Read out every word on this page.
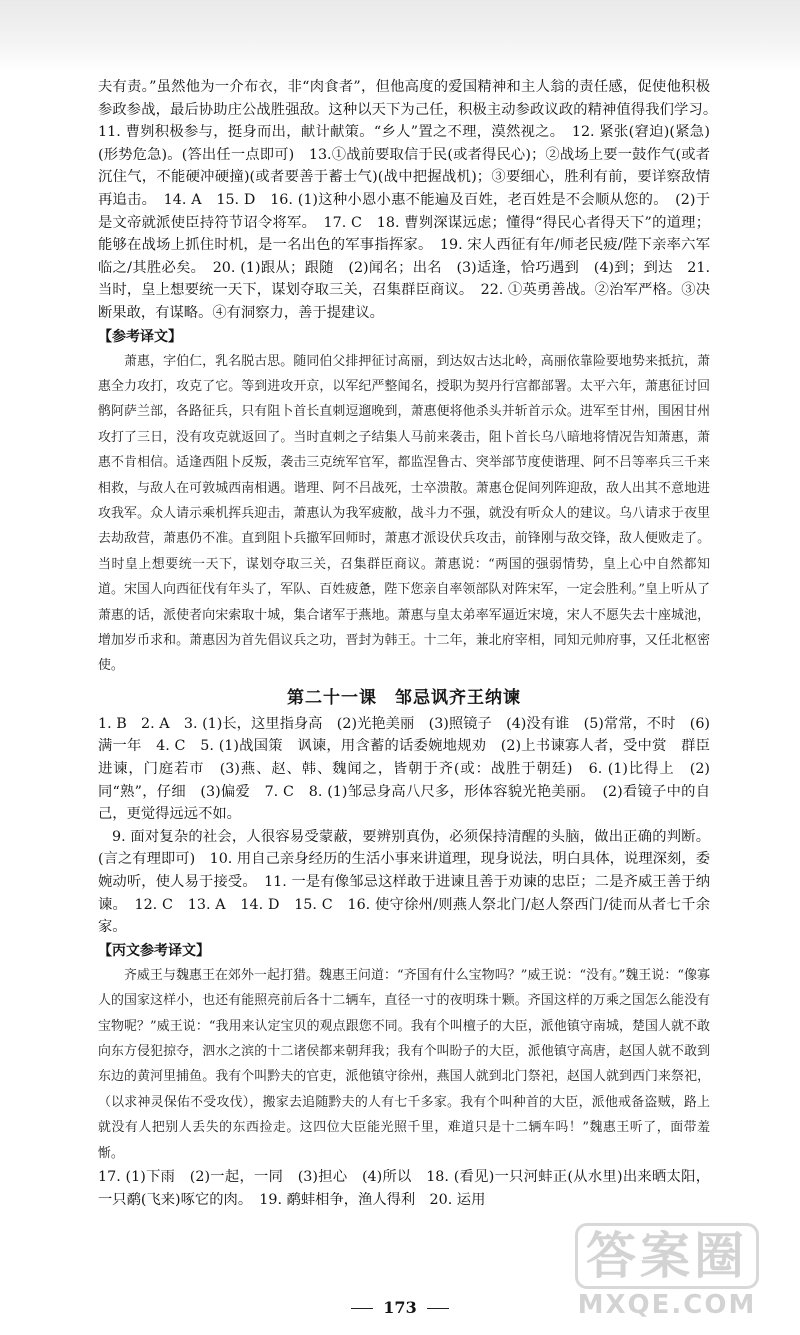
夫有责。”虽然他为一介布衣，非“肉食者”，但他高度的爱国精神和主人翁的责任感，促使他积极参政参战，最后协助庄公战胜强敌。这种以天下为己任，积极主动参政议政的精神值得我们学习。　11. 曹刿积极参与，挺身而出，献计献策。“乡人”置之不理，漠然视之。　12. 紧张(窘迫)(紧急)(形势危急)。(答出任一点即可)　13.①战前要取信于民(或者得民心)；②战场上要一鼓作气(或者沉住气，不能硬冲硬撞)(或者要善于蓄士气)(战中把握战机)；③要细心，胜利有前，要详察敌情再追击。　14. A　15. D　16. (1)这种小恩小惠不能遍及百姓，老百姓是不会顺从您的。　(2)于是文帝就派使臣持符节诏令将军。　17. C　18. 曹刿深谋远虑；懂得“得民心者得天下”的道理；能够在战场上抓住时机，是一名出色的军事指挥家。　19. 宋人西征有年/师老民疲/陛下亲率六军临之/其胜必矣。　20. (1)跟从；跟随　(2)闻名；出名　(3)适逢，恰巧遇到　(4)到；到达　21. 当时，皇上想要统一天下，谋划夺取三关，召集群臣商议。　22. ①英勇善战。②治军严格。③决断果敢，有谋略。④有洞察力，善于提建议。

【参考译文】

萧惠，字伯仁，乳名脱古思。随同伯父排押征讨高丽，到达奴古达北岭，高丽依靠险要地势来抵抗，萧惠全力攻打，攻克了它。等到进攻开京，以军纪严整闻名，授职为契丹行宫都部署。太平六年，萧惠征讨回鹘阿萨兰部，各路征兵，只有阻卜首长直刺逗遛晚到，萧惠便将他杀头并斩首示众。进军至甘州，围困甘州攻打了三日，没有攻克就返回了。当时直刺之子结集人马前来袭击，阻卜首长乌八暗地将情况告知萧惠，萧惠不肯相信。适逢西阻卜反叛，袭击三克统军官军，都监涅鲁古、突举部节度使谐理、阿不吕等率兵三千来相救，与敌人在可敦城西南相遇。谐理、阿不吕战死，士卒溃散。萧惠仓促间列阵迎敌，敌人出其不意地进攻我军。众人请示乘机挥兵迎击，萧惠认为我军疲敝，战斗力不强，就没有听众人的建议。乌八请求于夜里去劫敌营，萧惠仍不准。直到阻卜兵撤军回师时，萧惠才派设伏兵攻击，前锋刚与敌交锋，敌人便败走了。当时皇上想要统一天下，谋划夺取三关，召集群臣商议。萧惠说：“两国的强弱情势，皇上心中自然都知道。宋国人向西征伐有年头了，军队、百姓疲惫，陛下您亲自率领部队对阵宋军，一定会胜利。”皇上听从了萧惠的话，派使者向宋索取十城，集合诸军于燕地。萧惠与皇太弟率军逼近宋境，宋人不愿失去十座城池，增加岁币求和。萧惠因为首先倡议兵之功，晋封为韩王。十二年，兼北府宰相，同知元帅府事，又任北枢密使。

第二十一课　邹忌讽齐王纳谏

1. B　2. A　3. (1)长，这里指身高　(2)光艳美丽　(3)照镜子　(4)没有谁　(5)常常，不时　(6)满一年　4. C　5. (1)战国策　讽谏，用含蓄的话委婉地规劝　(2)上书谏寡人者，受中赏　群臣进谏，门庭若市　(3)燕、赵、韩、魏闻之，皆朝于齐(或：战胜于朝廷)　6. (1)比得上　(2)同“熟”，仔细　(3)偏爱　7. C　8. (1)邹忌身高八尺多，形体容貌光艳美丽。　(2)看镜子中的自己，更觉得远远不如。

9. 面对复杂的社会，人很容易受蒙蔽，要辨别真伪，必须保持清醒的头脑，做出正确的判断。(言之有理即可)　10. 用自己亲身经历的生活小事来讲道理，现身说法，明白具体，说理深刻，委婉动听，使人易于接受。　11. 一是有像邹忌这样敢于进谏且善于劝谏的忠臣；二是齐威王善于纳谏。　12. C　13. A　14. D　15. C　16. 使守徐州/则燕人祭北门/赵人祭西门/徒而从者七千余家。

【丙文参考译文】

齐威王与魏惠王在郊外一起打猎。魏惠王问道：“齐国有什么宝物吗？”威王说：“没有。”魏王说：“像寡人的国家这样小，也还有能照亮前后各十二辆车，直径一寸的夜明珠十颗。齐国这样的万乘之国怎么能没有宝物呢？”威王说：“我用来认定宝贝的观点跟您不同。我有个叫檀子的大臣，派他镇守南城，楚国人就不敢向东方侵犯掠夺，泗水之滨的十二诸侯都来朝拜我；我有个叫盼子的大臣，派他镇守高唐，赵国人就不敢到东边的黄河里捕鱼。我有个叫黔夫的官吏，派他镇守徐州，燕国人就到北门祭祀，赵国人就到西门来祭祀，（以求神灵保佑不受攻伐），搬家去追随黔夫的人有七千多家。我有个叫种首的大臣，派他戒备盗贼，路上就没有人把别人丢失的东西捡走。这四位大臣能光照千里，难道只是十二辆车吗！”魏惠王听了，面带羞惭。

17. (1)下雨　(2)一起，一同　(3)担心　(4)所以　18. (看见)一只河蚌正(从水里)出来晒太阳，一只鹬(飞来)啄它的肉。　19. 鹬蚌相争，渔人得利　20. 运用

173
答案圈
MXQE.COM
